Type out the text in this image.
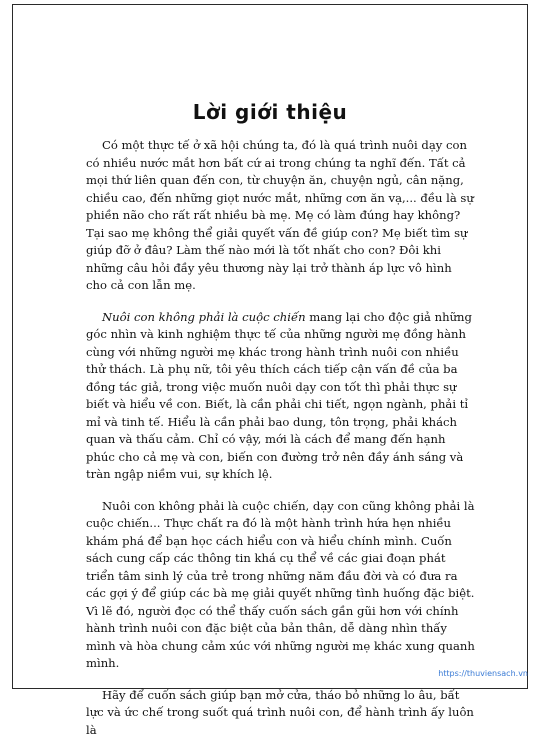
Lời giới thiệu

Có một thực tế ở xã hội chúng ta, đó là quá trình nuôi dạy con có nhiều nước mắt hơn bất cứ ai trong chúng ta nghĩ đến. Tất cả mọi thứ liên quan đến con, từ chuyện ăn, chuyện ngủ, cân nặng, chiều cao, đến những giọt nước mắt, những cơn ăn vạ,... đều là sự phiền não cho rất rất nhiều bà mẹ. Mẹ có làm đúng hay không? Tại sao mẹ không thể giải quyết vấn đề giúp con? Mẹ biết tìm sự giúp đỡ ở đâu? Làm thế nào mới là tốt nhất cho con? Đôi khi những câu hỏi đầy yêu thương này lại trở thành áp lực vô hình cho cả con lẫn mẹ.

Nuôi con không phải là cuộc chiến mang lại cho độc giả những góc nhìn và kinh nghiệm thực tế của những người mẹ đồng hành cùng với những người mẹ khác trong hành trình nuôi con nhiều thử thách. Là phụ nữ, tôi yêu thích cách tiếp cận vấn đề của ba đồng tác giả, trong việc muốn nuôi dạy con tốt thì phải thực sự biết và hiểu về con. Biết, là cần phải chi tiết, ngọn ngành, phải tỉ mỉ và tinh tế. Hiểu là cần phải bao dung, tôn trọng, phải khách quan và thấu cảm. Chỉ có vậy, mới là cách để mang đến hạnh phúc cho cả mẹ và con, biến con đường trở nên đầy ánh sáng và tràn ngập niềm vui, sự khích lệ.

Nuôi con không phải là cuộc chiến, dạy con cũng không phải là cuộc chiến... Thực chất ra đó là một hành trình hứa hẹn nhiều khám phá để bạn học cách hiểu con và hiểu chính mình. Cuốn sách cung cấp các thông tin khá cụ thể về các giai đoạn phát triển tâm sinh lý của trẻ trong những năm đầu đời và có đưa ra các gợi ý để giúp các bà mẹ giải quyết những tình huống đặc biệt. Vì lẽ đó, người đọc có thể thấy cuốn sách gần gũi hơn với chính hành trình nuôi con đặc biệt của bản thân, dễ dàng nhìn thấy mình và hòa chung cảm xúc với những người mẹ khác xung quanh mình.

Hãy để cuốn sách giúp bạn mở cửa, tháo bỏ những lo âu, bất lực và ức chế trong suốt quá trình nuôi con, để hành trình ấy luôn là

https://thuviensach.vn
